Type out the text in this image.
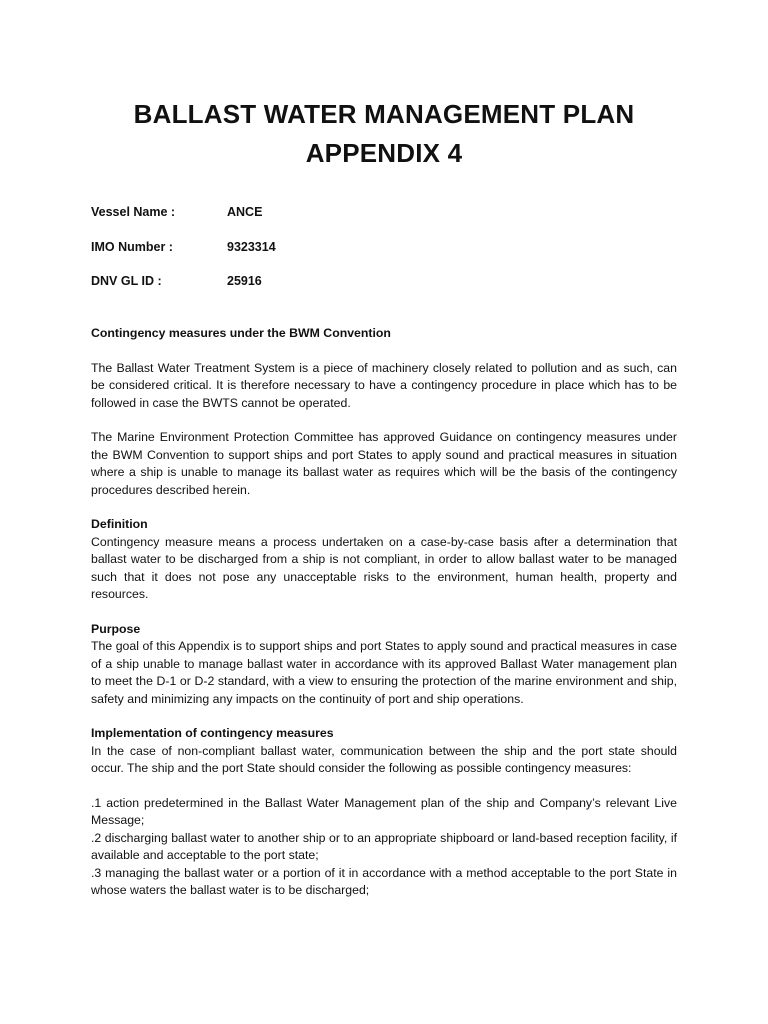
BALLAST WATER MANAGEMENT PLAN
APPENDIX 4
Vessel Name :	ANCE
IMO Number :	9323314
DNV GL ID :	25916

Contingency measures under the BWM Convention

The Ballast Water Treatment System is a piece of machinery closely related to pollution and as such, can be considered critical. It is therefore necessary to have a contingency procedure in place which has to be followed in case the BWTS cannot be operated.

The Marine Environment Protection Committee has approved Guidance on contingency measures under the BWM Convention to support ships and port States to apply sound and practical measures in situation where a ship is unable to manage its ballast water as requires which will be the basis of the contingency procedures described herein.

Definition

Contingency measure means a process undertaken on a case-by-case basis after a determination that ballast water to be discharged from a ship is not compliant, in order to allow ballast water to be managed such that it does not pose any unacceptable risks to the environment, human health, property and resources.

Purpose

The goal of this Appendix is to support ships and port States to apply sound and practical measures in case of a ship unable to manage ballast water in accordance with its approved Ballast Water management plan to meet the D-1 or D-2 standard, with a view to ensuring the protection of the marine environment and ship, safety and minimizing any impacts on the continuity of port and ship operations.

Implementation of contingency measures

In the case of non-compliant ballast water, communication between the ship and the port state should occur. The ship and the port State should consider the following as possible contingency measures:

.1 action predetermined in the Ballast Water Management plan of the ship and Company’s relevant Live Message;

.2 discharging ballast water to another ship or to an appropriate shipboard or land-based reception facility, if available and acceptable to the port state;

.3 managing the ballast water or a portion of it in accordance with a method acceptable to the port State in whose waters the ballast water is to be discharged;
